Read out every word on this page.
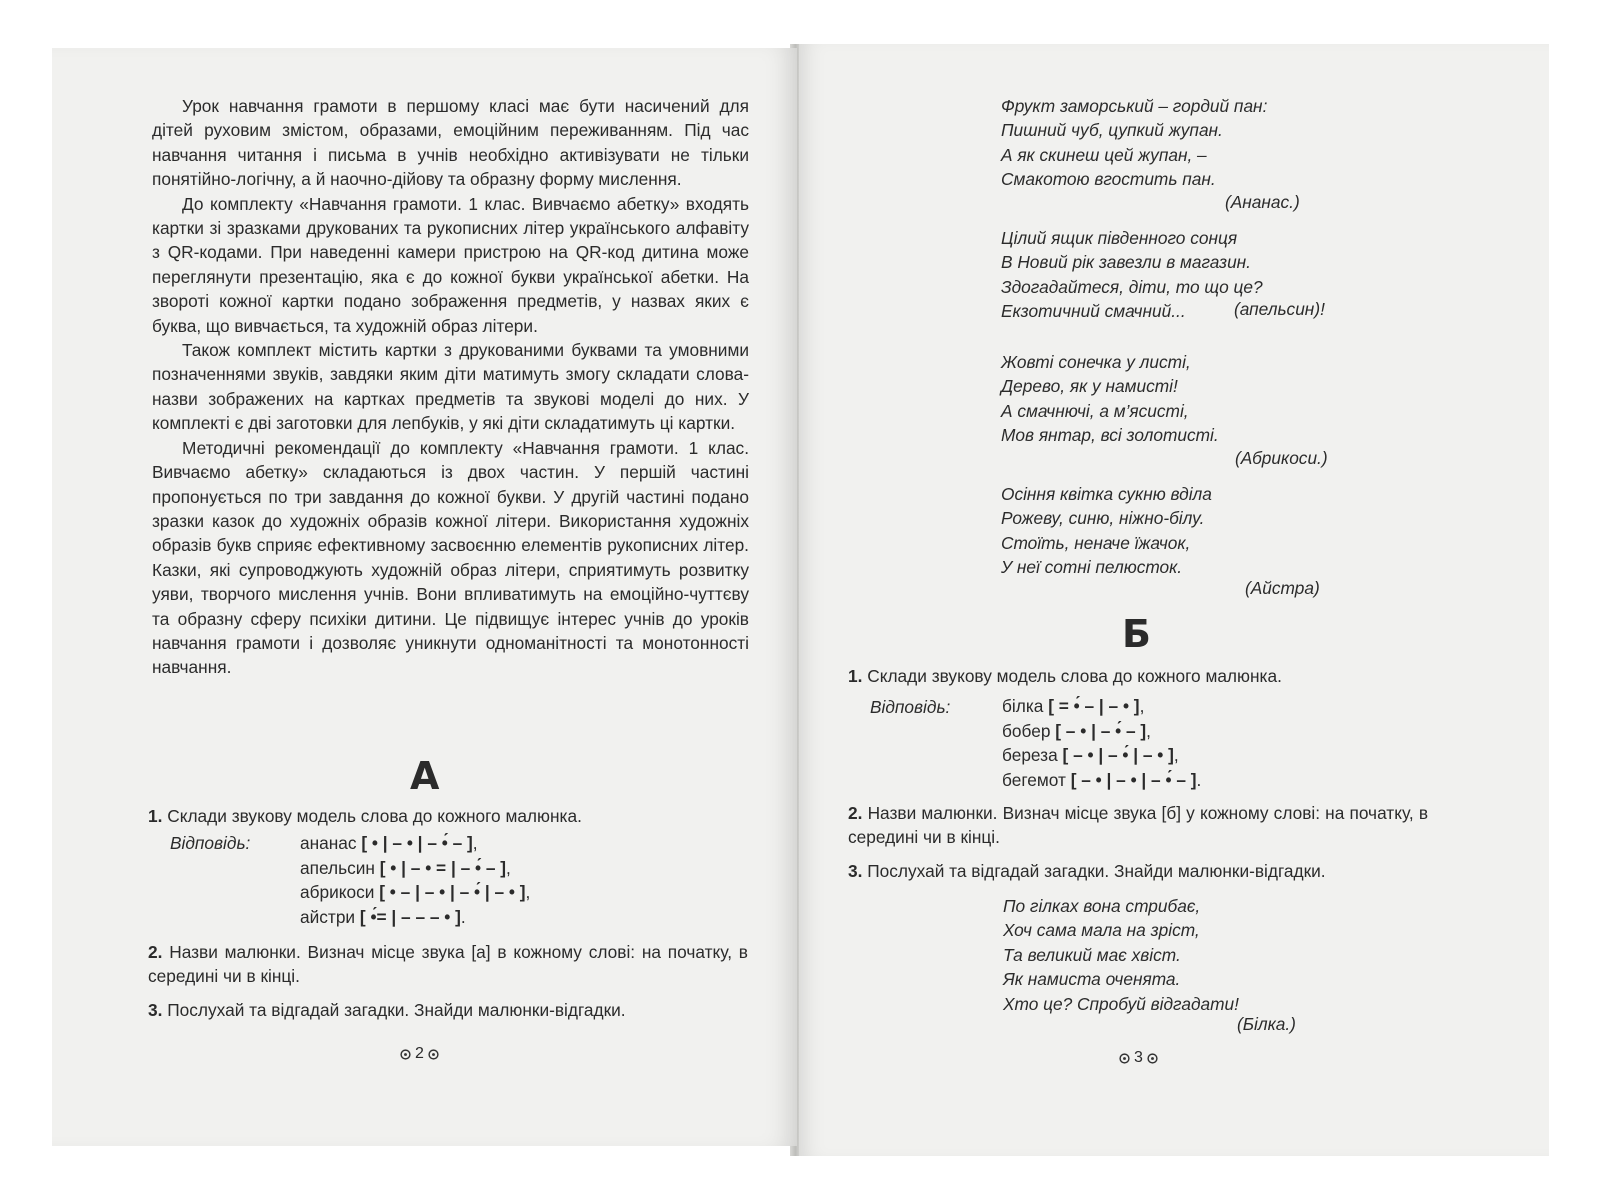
Урок навчання грамоти в першому класі має бути насичений для дітей руховим змістом, образами, емоційним переживанням. Під час навчання читання і письма в учнів необхідно активізувати не тільки понятійно-логічну, а й наочно-дійову та образну форму мислення.

До комплекту «Навчання грамоти. 1 клас. Вивчаємо абетку» входять картки зі зразками друкованих та рукописних літер українського алфавіту з QR-кодами. При наведенні камери пристрою на QR-код дитина може переглянути презентацію, яка є до кожної букви української абетки. На звороті кожної картки подано зображення предметів, у назвах яких є буква, що вивчається, та художній образ літери.

Також комплект містить картки з друкованими буквами та умовними позначеннями звуків, завдяки яким діти матимуть змогу складати слова-назви зображених на картках предметів та звукові моделі до них. У комплекті є дві заготовки для лепбуків, у які діти складатимуть ці картки.

Методичні рекомендації до комплекту «Навчання грамоти. 1 клас. Вивчаємо абетку» складаються із двох частин. У першій частині пропонується по три завдання до кожної букви. У другій частині подано зразки казок до художніх образів кожної літери. Використання художніх образів букв сприяє ефективному засвоєнню елементів рукописних літер. Казки, які супроводжують художній образ літери, сприятимуть розвитку уяви, творчого мислення учнів. Вони впливатимуть на емоційно-чуттєву та образну сферу психіки дитини. Це підвищує інтерес учнів до уроків навчання грамоти і дозволяє уникнути одноманітності та монотонності навчання.

А
1. Склади звукову модель слова до кожного малюнка.
Відповідь:	ананас [ • | – • | – •́ – ],
апельсин [ • | – • = | – •́ – ],
абрикоси [ • – | – • | – •́ | – • ],
айстри [ •́= | – – – • ].
2. Назви малюнки. Визнач місце звука [а] в кожному слові: на початку, в середині чи в кінці.
3. Послухай та відгадай загадки. Знайди малюнки-відгадки.
2
Фрукт заморський – гордий пан:
Пишний чуб, цупкий жупан.
А як скинеш цей жупан, –
Смакотою вгостить пан.
(Ананас.)
Цілий ящик південного сонця
В Новий рік завезли в магазин.
Здогадайтеся, діти, то що це?
Екзотичний смачний...	(апельсин)!
Жовті сонечка у листі,
Дерево, як у намисті!
А смачнючі, а м’ясисті,
Мов янтар, всі золотисті.
(Абрикоси.)
Осіння квітка сукню вділа
Рожеву, синю, ніжно-білу.
Стоїть, неначе їжачок,
У неї сотні пелюсток.
(Айстра)
Б
1. Склади звукову модель слова до кожного малюнка.
Відповідь:	білка [ = •́ – | – • ],
бобер [ – • | – •́ – ],
береза [ – • | – •́ | – • ],
бегемот [ – • | – • | – •́ – ].
2. Назви малюнки. Визнач місце звука [б] у кожному слові: на початку, в середині чи в кінці.
3. Послухай та відгадай загадки. Знайди малюнки-відгадки.
По гілках вона стрибає,
Хоч сама мала на зріст,
Та великий має хвіст.
Як намиста оченята.
Хто це? Спробуй відгадати!
(Білка.)
3
